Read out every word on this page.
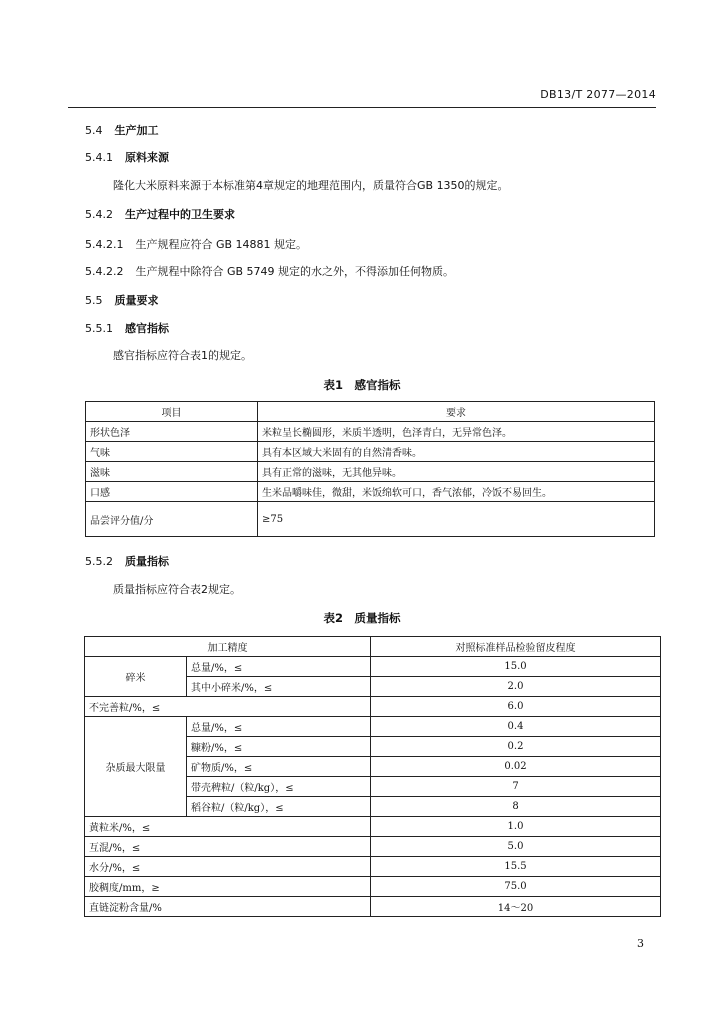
DB13/T 2077—2014
5.4 生产加工
5.4.1 原料来源
隆化大米原料来源于本标准第4章规定的地理范围内，质量符合GB 1350的规定。
5.4.2 生产过程中的卫生要求
5.4.2.1 生产规程应符合 GB 14881 规定。
5.4.2.2 生产规程中除符合 GB 5749 规定的水之外，不得添加任何物质。
5.5 质量要求
5.5.1 感官指标
感官指标应符合表1的规定。
表1　感官指标
项目	要求
形状色泽	米粒呈长椭圆形，米质半透明，色泽青白，无异常色泽。
气味	具有本区域大米固有的自然清香味。
滋味	具有正常的滋味，无其他异味。
口感	生米品嚼味佳，微甜，米饭绵软可口，香气浓郁，冷饭不易回生。
品尝评分值/分	≥75
5.5.2 质量指标
质量指标应符合表2规定。
表2　质量指标
加工精度		对照标准样品检验留皮程度
碎米	总量/%，≤	15.0
	其中小碎米/%，≤	2.0
不完善粒/%，≤		6.0
杂质最大限量	总量/%，≤	0.4
	糠粉/%，≤	0.2
	矿物质/%，≤	0.02
	带壳稗粒/（粒/kg），≤	7
	稻谷粒/（粒/kg），≤	8
黄粒米/%，≤		1.0
互混/%，≤		5.0
水分/%，≤		15.5
胶稠度/mm，≥		75.0
直链淀粉含量/%		14～20
3
